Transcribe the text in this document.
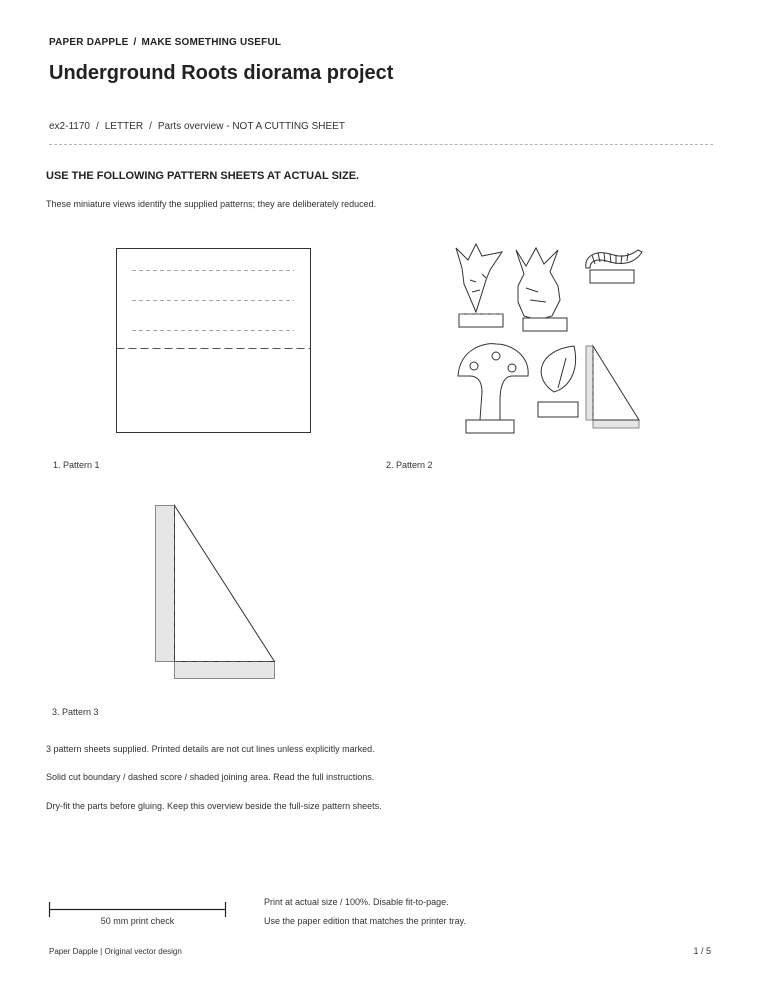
PAPER DAPPLE / MAKE SOMETHING USEFUL
Underground Roots diorama project
ex2-1170 / LETTER / Parts overview - NOT A CUTTING SHEET
USE THE FOLLOWING PATTERN SHEETS AT ACTUAL SIZE.
These miniature views identify the supplied patterns; they are deliberately reduced.
1. Pattern 1	2. Pattern 2
3. Pattern 3
3 pattern sheets supplied. Printed details are not cut lines unless explicitly marked.
Solid cut boundary / dashed score / shaded joining area. Read the full instructions.
Dry-fit the parts before gluing. Keep this overview beside the full-size pattern sheets.
50 mm print check
Print at actual size / 100%. Disable fit-to-page.
Use the paper edition that matches the printer tray.
Paper Dapple | Original vector design	1 / 5
